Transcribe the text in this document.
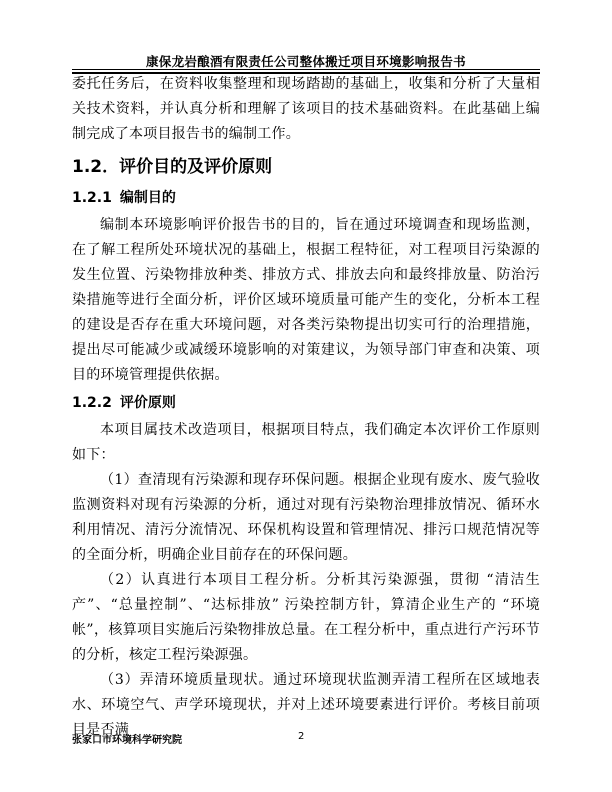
康保龙岩酿酒有限责任公司整体搬迁项目环境影响报告书

委托任务后，在资料收集整理和现场踏勘的基础上，收集和分析了大量相关技术资料，并认真分析和理解了该项目的技术基础资料。在此基础上编制完成了本项目报告书的编制工作。

1.2．评价目的及评价原则
1.2.1 编制目的

编制本环境影响评价报告书的目的，旨在通过环境调查和现场监测，在了解工程所处环境状况的基础上，根据工程特征，对工程项目污染源的发生位置、污染物排放种类、排放方式、排放去向和最终排放量、防治污染措施等进行全面分析，评价区域环境质量可能产生的变化，分析本工程的建设是否存在重大环境问题，对各类污染物提出切实可行的治理措施，提出尽可能减少或减缓环境影响的对策建议，为领导部门审查和决策、项目的环境管理提供依据。

1.2.2 评价原则

本项目属技术改造项目，根据项目特点，我们确定本次评价工作原则如下：

（1）查清现有污染源和现存环保问题。根据企业现有废水、废气验收监测资料对现有污染源的分析，通过对现有污染物治理排放情况、循环水利用情况、清污分流情况、环保机构设置和管理情况、排污口规范情况等的全面分析，明确企业目前存在的环保问题。

（2）认真进行本项目工程分析。分析其污染源强，贯彻 “清洁生产”、“总量控制”、“达标排放” 污染控制方针，算清企业生产的 “环境帐”，核算项目实施后污染物排放总量。在工程分析中，重点进行产污环节的分析，核定工程污染源强。

（3）弄清环境质量现状。通过环境现状监测弄清工程所在区域地表水、环境空气、声学环境现状，并对上述环境要素进行评价。考核目前项目是否满

张家口市环境科学研究院	2
